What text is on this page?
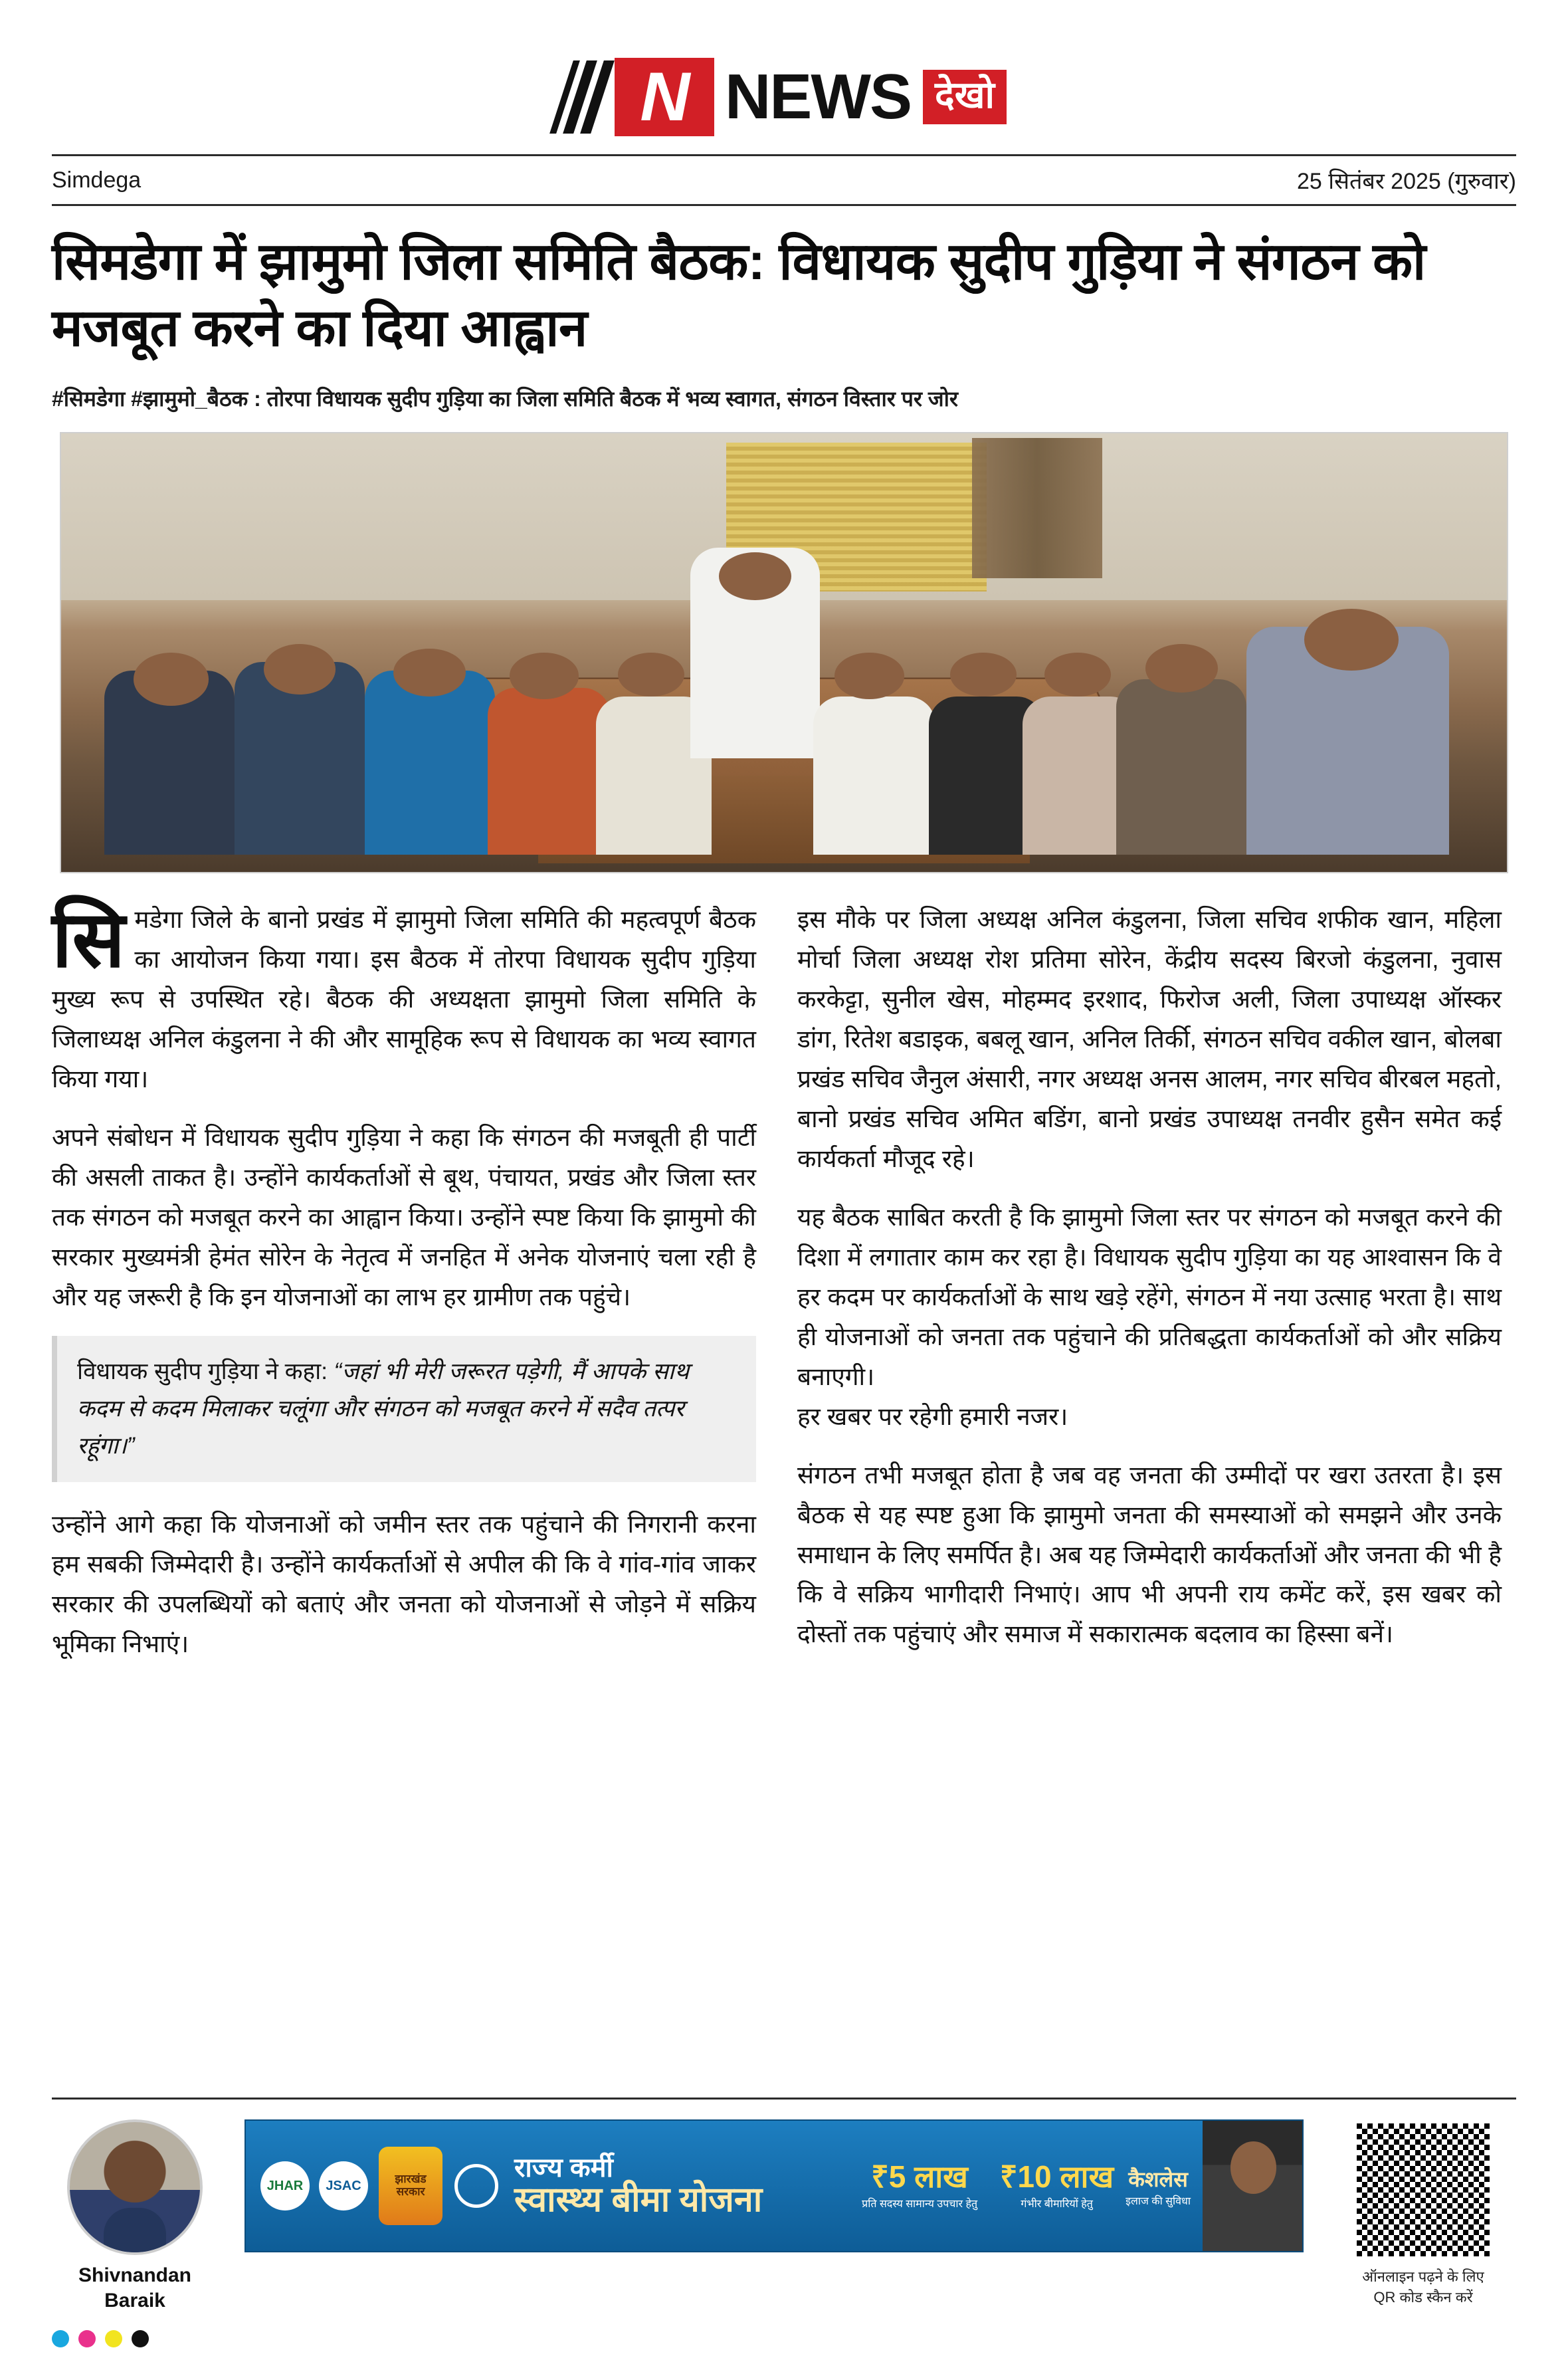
N NEWS देखो
Simdega	25 सितंबर 2025 (गुरुवार)
सिमडेगा में झामुमो जिला समिति बैठक: विधायक सुदीप गुड़िया ने संगठन को मजबूत करने का दिया आह्वान
#सिमडेगा #झामुमो_बैठक : तोरपा विधायक सुदीप गुड़िया का जिला समिति बैठक में भव्य स्वागत, संगठन विस्तार पर जोर

सि मडेगा जिले के बानो प्रखंड में झामुमो जिला समिति की महत्वपूर्ण बैठक का आयोजन किया गया। इस बैठक में तोरपा विधायक सुदीप गुड़िया मुख्य रूप से उपस्थित रहे। बैठक की अध्यक्षता झामुमो जिला समिति के जिलाध्यक्ष अनिल कंडुलना ने की और सामूहिक रूप से विधायक का भव्य स्वागत किया गया।

अपने संबोधन में विधायक सुदीप गुड़िया ने कहा कि संगठन की मजबूती ही पार्टी की असली ताकत है। उन्होंने कार्यकर्ताओं से बूथ, पंचायत, प्रखंड और जिला स्तर तक संगठन को मजबूत करने का आह्वान किया। उन्होंने स्पष्ट किया कि झामुमो की सरकार मुख्यमंत्री हेमंत सोरेन के नेतृत्व में जनहित में अनेक योजनाएं चला रही है और यह जरूरी है कि इन योजनाओं का लाभ हर ग्रामीण तक पहुंचे।

विधायक सुदीप गुड़िया ने कहा: “जहां भी मेरी जरूरत पड़ेगी, मैं आपके साथ कदम से कदम मिलाकर चलूंगा और संगठन को मजबूत करने में सदैव तत्पर रहूंगा।”

उन्होंने आगे कहा कि योजनाओं को जमीन स्तर तक पहुंचाने की निगरानी करना हम सबकी जिम्मेदारी है। उन्होंने कार्यकर्ताओं से अपील की कि वे गांव-गांव जाकर सरकार की उपलब्धियों को बताएं और जनता को योजनाओं से जोड़ने में सक्रिय भूमिका निभाएं।

इस मौके पर जिला अध्यक्ष अनिल कंडुलना, जिला सचिव शफीक खान, महिला मोर्चा जिला अध्यक्ष रोश प्रतिमा सोरेन, केंद्रीय सदस्य बिरजो कंडुलना, नुवास करकेट्टा, सुनील खेस, मोहम्मद इरशाद, फिरोज अली, जिला उपाध्यक्ष ऑस्कर डांग, रितेश बडाइक, बबलू खान, अनिल तिर्की, संगठन सचिव वकील खान, बोलबा प्रखंड सचिव जैनुल अंसारी, नगर अध्यक्ष अनस आलम, नगर सचिव बीरबल महतो, बानो प्रखंड सचिव अमित बडिंग, बानो प्रखंड उपाध्यक्ष तनवीर हुसैन समेत कई कार्यकर्ता मौजूद रहे।

यह बैठक साबित करती है कि झामुमो जिला स्तर पर संगठन को मजबूत करने की दिशा में लगातार काम कर रहा है। विधायक सुदीप गुड़िया का यह आश्वासन कि वे हर कदम पर कार्यकर्ताओं के साथ खड़े रहेंगे, संगठन में नया उत्साह भरता है। साथ ही योजनाओं को जनता तक पहुंचाने की प्रतिबद्धता कार्यकर्ताओं को और सक्रिय बनाएगी।
हर खबर पर रहेगी हमारी नजर।

संगठन तभी मजबूत होता है जब वह जनता की उम्मीदों पर खरा उतरता है। इस बैठक से यह स्पष्ट हुआ कि झामुमो जनता की समस्याओं को समझने और उनके समाधान के लिए समर्पित है। अब यह जिम्मेदारी कार्यकर्ताओं और जनता की भी है कि वे सक्रिय भागीदारी निभाएं। आप भी अपनी राय कमेंट करें, इस खबर को दोस्तों तक पहुंचाएं और समाज में सकारात्मक बदलाव का हिस्सा बनें।

Shivnandan Baraik
JHAR	JSAC	झारखंड सरकार
राज्य कर्मी
स्वास्थ्य बीमा योजना
₹5 लाख
प्रति सदस्य सामान्य उपचार हेतु
₹10 लाख
गंभीर बीमारियों हेतु
कैशलेस
इलाज की सुविधा
ऑनलाइन पढ़ने के लिए
QR कोड स्कैन करें
